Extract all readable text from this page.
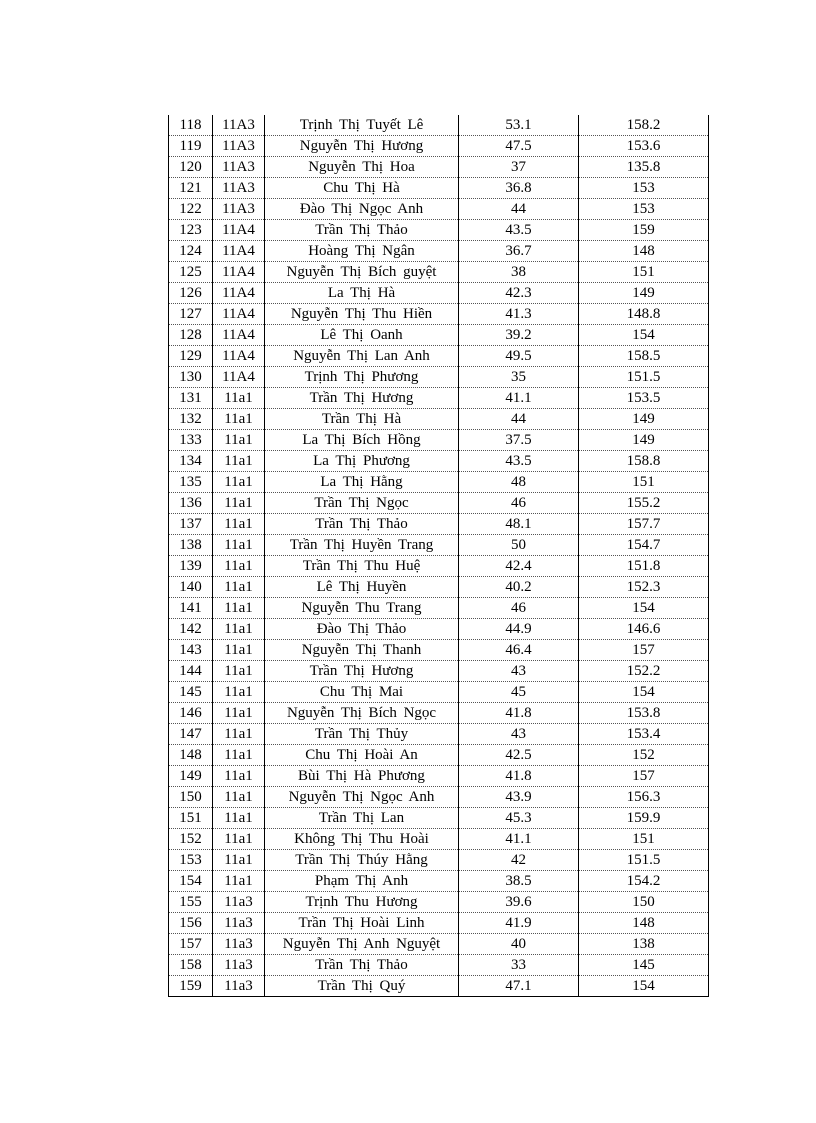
118	11A3	Trịnh Thị Tuyết Lê	53.1	158.2
119	11A3	Nguyễn Thị Hương	47.5	153.6
120	11A3	Nguyễn Thị Hoa	37	135.8
121	11A3	Chu Thị Hà	36.8	153
122	11A3	Đào Thị Ngọc Anh	44	153
123	11A4	Trần Thị Thảo	43.5	159
124	11A4	Hoàng Thị Ngân	36.7	148
125	11A4	Nguyễn Thị Bích guyệt	38	151
126	11A4	La Thị Hà	42.3	149
127	11A4	Nguyễn Thị Thu Hiền	41.3	148.8
128	11A4	Lê Thị Oanh	39.2	154
129	11A4	Nguyễn Thị Lan Anh	49.5	158.5
130	11A4	Trịnh Thị Phương	35	151.5
131	11a1	Trần Thị Hương	41.1	153.5
132	11a1	Trần Thị Hà	44	149
133	11a1	La Thị Bích Hồng	37.5	149
134	11a1	La Thị Phương	43.5	158.8
135	11a1	La Thị Hằng	48	151
136	11a1	Trần Thị Ngọc	46	155.2
137	11a1	Trần Thị Thảo	48.1	157.7
138	11a1	Trần Thị Huyền Trang	50	154.7
139	11a1	Trần Thị Thu Huệ	42.4	151.8
140	11a1	Lê Thị Huyền	40.2	152.3
141	11a1	Nguyễn Thu Trang	46	154
142	11a1	Đào Thị Thảo	44.9	146.6
143	11a1	Nguyễn Thị Thanh	46.4	157
144	11a1	Trần Thị Hương	43	152.2
145	11a1	Chu Thị Mai	45	154
146	11a1	Nguyễn Thị Bích Ngọc	41.8	153.8
147	11a1	Trần Thị Thủy	43	153.4
148	11a1	Chu Thị Hoài An	42.5	152
149	11a1	Bùi Thị Hà Phương	41.8	157
150	11a1	Nguyễn Thị Ngọc Anh	43.9	156.3
151	11a1	Trần Thị Lan	45.3	159.9
152	11a1	Không Thị Thu Hoài	41.1	151
153	11a1	Trần Thị Thúy Hằng	42	151.5
154	11a1	Phạm Thị Anh	38.5	154.2
155	11a3	Trịnh Thu Hương	39.6	150
156	11a3	Trần Thị Hoài Linh	41.9	148
157	11a3	Nguyễn Thị Anh Nguyệt	40	138
158	11a3	Trần Thị Thảo	33	145
159	11a3	Trần Thị Quý	47.1	154
